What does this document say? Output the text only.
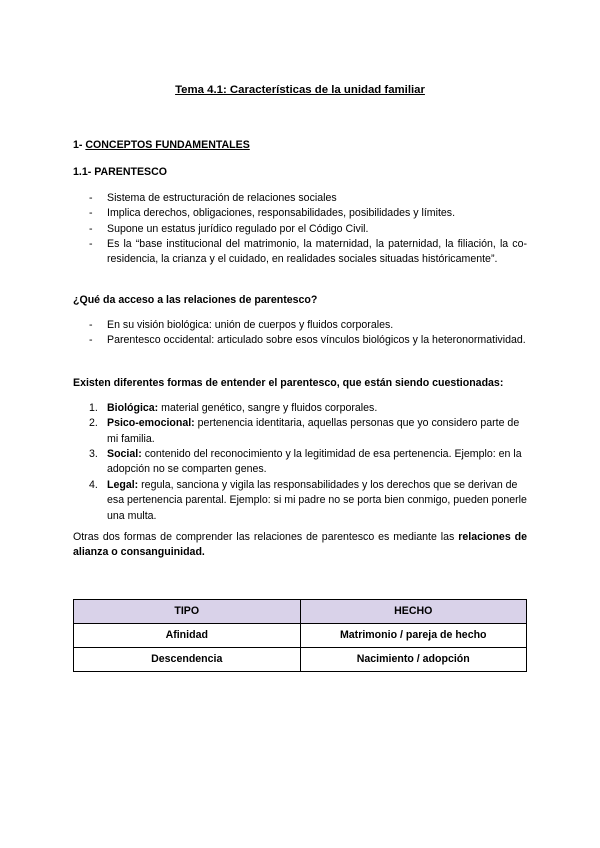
Tema 4.1: Características de la unidad familiar
1- CONCEPTOS FUNDAMENTALES
1.1- PARENTESCO
- Sistema de estructuración de relaciones sociales
- Implica derechos, obligaciones, responsabilidades, posibilidades y límites.
- Supone un estatus jurídico regulado por el Código Civil.
- Es la “base institucional del matrimonio, la maternidad, la paternidad, la filiación, la co-residencia, la crianza y el cuidado, en realidades sociales situadas históricamente”.
¿Qué da acceso a las relaciones de parentesco?
- En su visión biológica: unión de cuerpos y fluidos corporales.
- Parentesco occidental: articulado sobre esos vínculos biológicos y la heteronormatividad.
Existen diferentes formas de entender el parentesco, que están siendo cuestionadas:
1. Biológica: material genético, sangre y fluidos corporales.
2. Psico-emocional: pertenencia identitaria, aquellas personas que yo considero parte de mi familia.
3. Social: contenido del reconocimiento y la legitimidad de esa pertenencia. Ejemplo: en la adopción no se comparten genes.
4. Legal: regula, sanciona y vigila las responsabilidades y los derechos que se derivan de esa pertenencia parental. Ejemplo: si mi padre no se porta bien conmigo, pueden ponerle una multa.
Otras dos formas de comprender las relaciones de parentesco es mediante las relaciones de alianza o consanguinidad.
TIPO	HECHO
Afinidad	Matrimonio / pareja de hecho
Descendencia	Nacimiento / adopción
